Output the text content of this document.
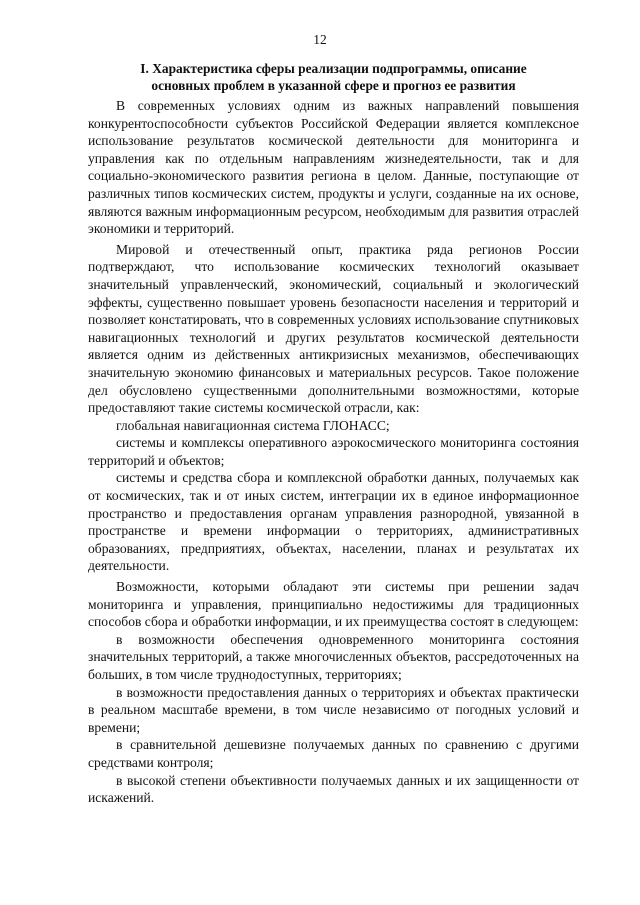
12
I. Характеристика сферы реализации подпрограммы, описание
основных проблем в указанной сфере и прогноз ее развития

В современных условиях одним из важных направлений повышения конкурентоспособности субъектов Российской Федерации является комплексное использование результатов космической деятельности для мониторинга и управления как по отдельным направлениям жизнедеятельности, так и для социально-экономического развития региона в целом. Данные, поступающие от различных типов космических систем, продукты и услуги, созданные на их основе, являются важным информационным ресурсом, необходимым для развития отраслей экономики и территорий.

Мировой и отечественный опыт, практика ряда регионов России подтверждают, что использование космических технологий оказывает значительный управленческий, экономический, социальный и экологический эффекты, существенно повышает уровень безопасности населения и территорий и позволяет констатировать, что в современных условиях использование спутниковых навигационных технологий и других результатов космической деятельности является одним из действенных антикризисных механизмов, обеспечивающих значительную экономию финансовых и материальных ресурсов. Такое положение дел обусловлено существенными дополнительными возможностями, которые предоставляют такие системы космической отрасли, как:

глобальная навигационная система ГЛОНАСС;

системы и комплексы оперативного аэрокосмического мониторинга состояния территорий и объектов;

системы и средства сбора и комплексной обработки данных, получаемых как от космических, так и от иных систем, интеграции их в единое информационное пространство и предоставления органам управления разнородной, увязанной в пространстве и времени информации о территориях, административных образованиях, предприятиях, объектах, населении, планах и результатах их деятельности.

Возможности, которыми обладают эти системы при решении задач мониторинга и управления, принципиально недостижимы для традиционных способов сбора и обработки информации, и их преимущества состоят в следующем:

в возможности обеспечения одновременного мониторинга состояния значительных территорий, а также многочисленных объектов, рассредоточенных на больших, в том числе труднодоступных, территориях;

в возможности предоставления данных о территориях и объектах практически в реальном масштабе времени, в том числе независимо от погодных условий и времени;

в сравнительной дешевизне получаемых данных по сравнению с другими средствами контроля;

в высокой степени объективности получаемых данных и их защищенности от искажений.
